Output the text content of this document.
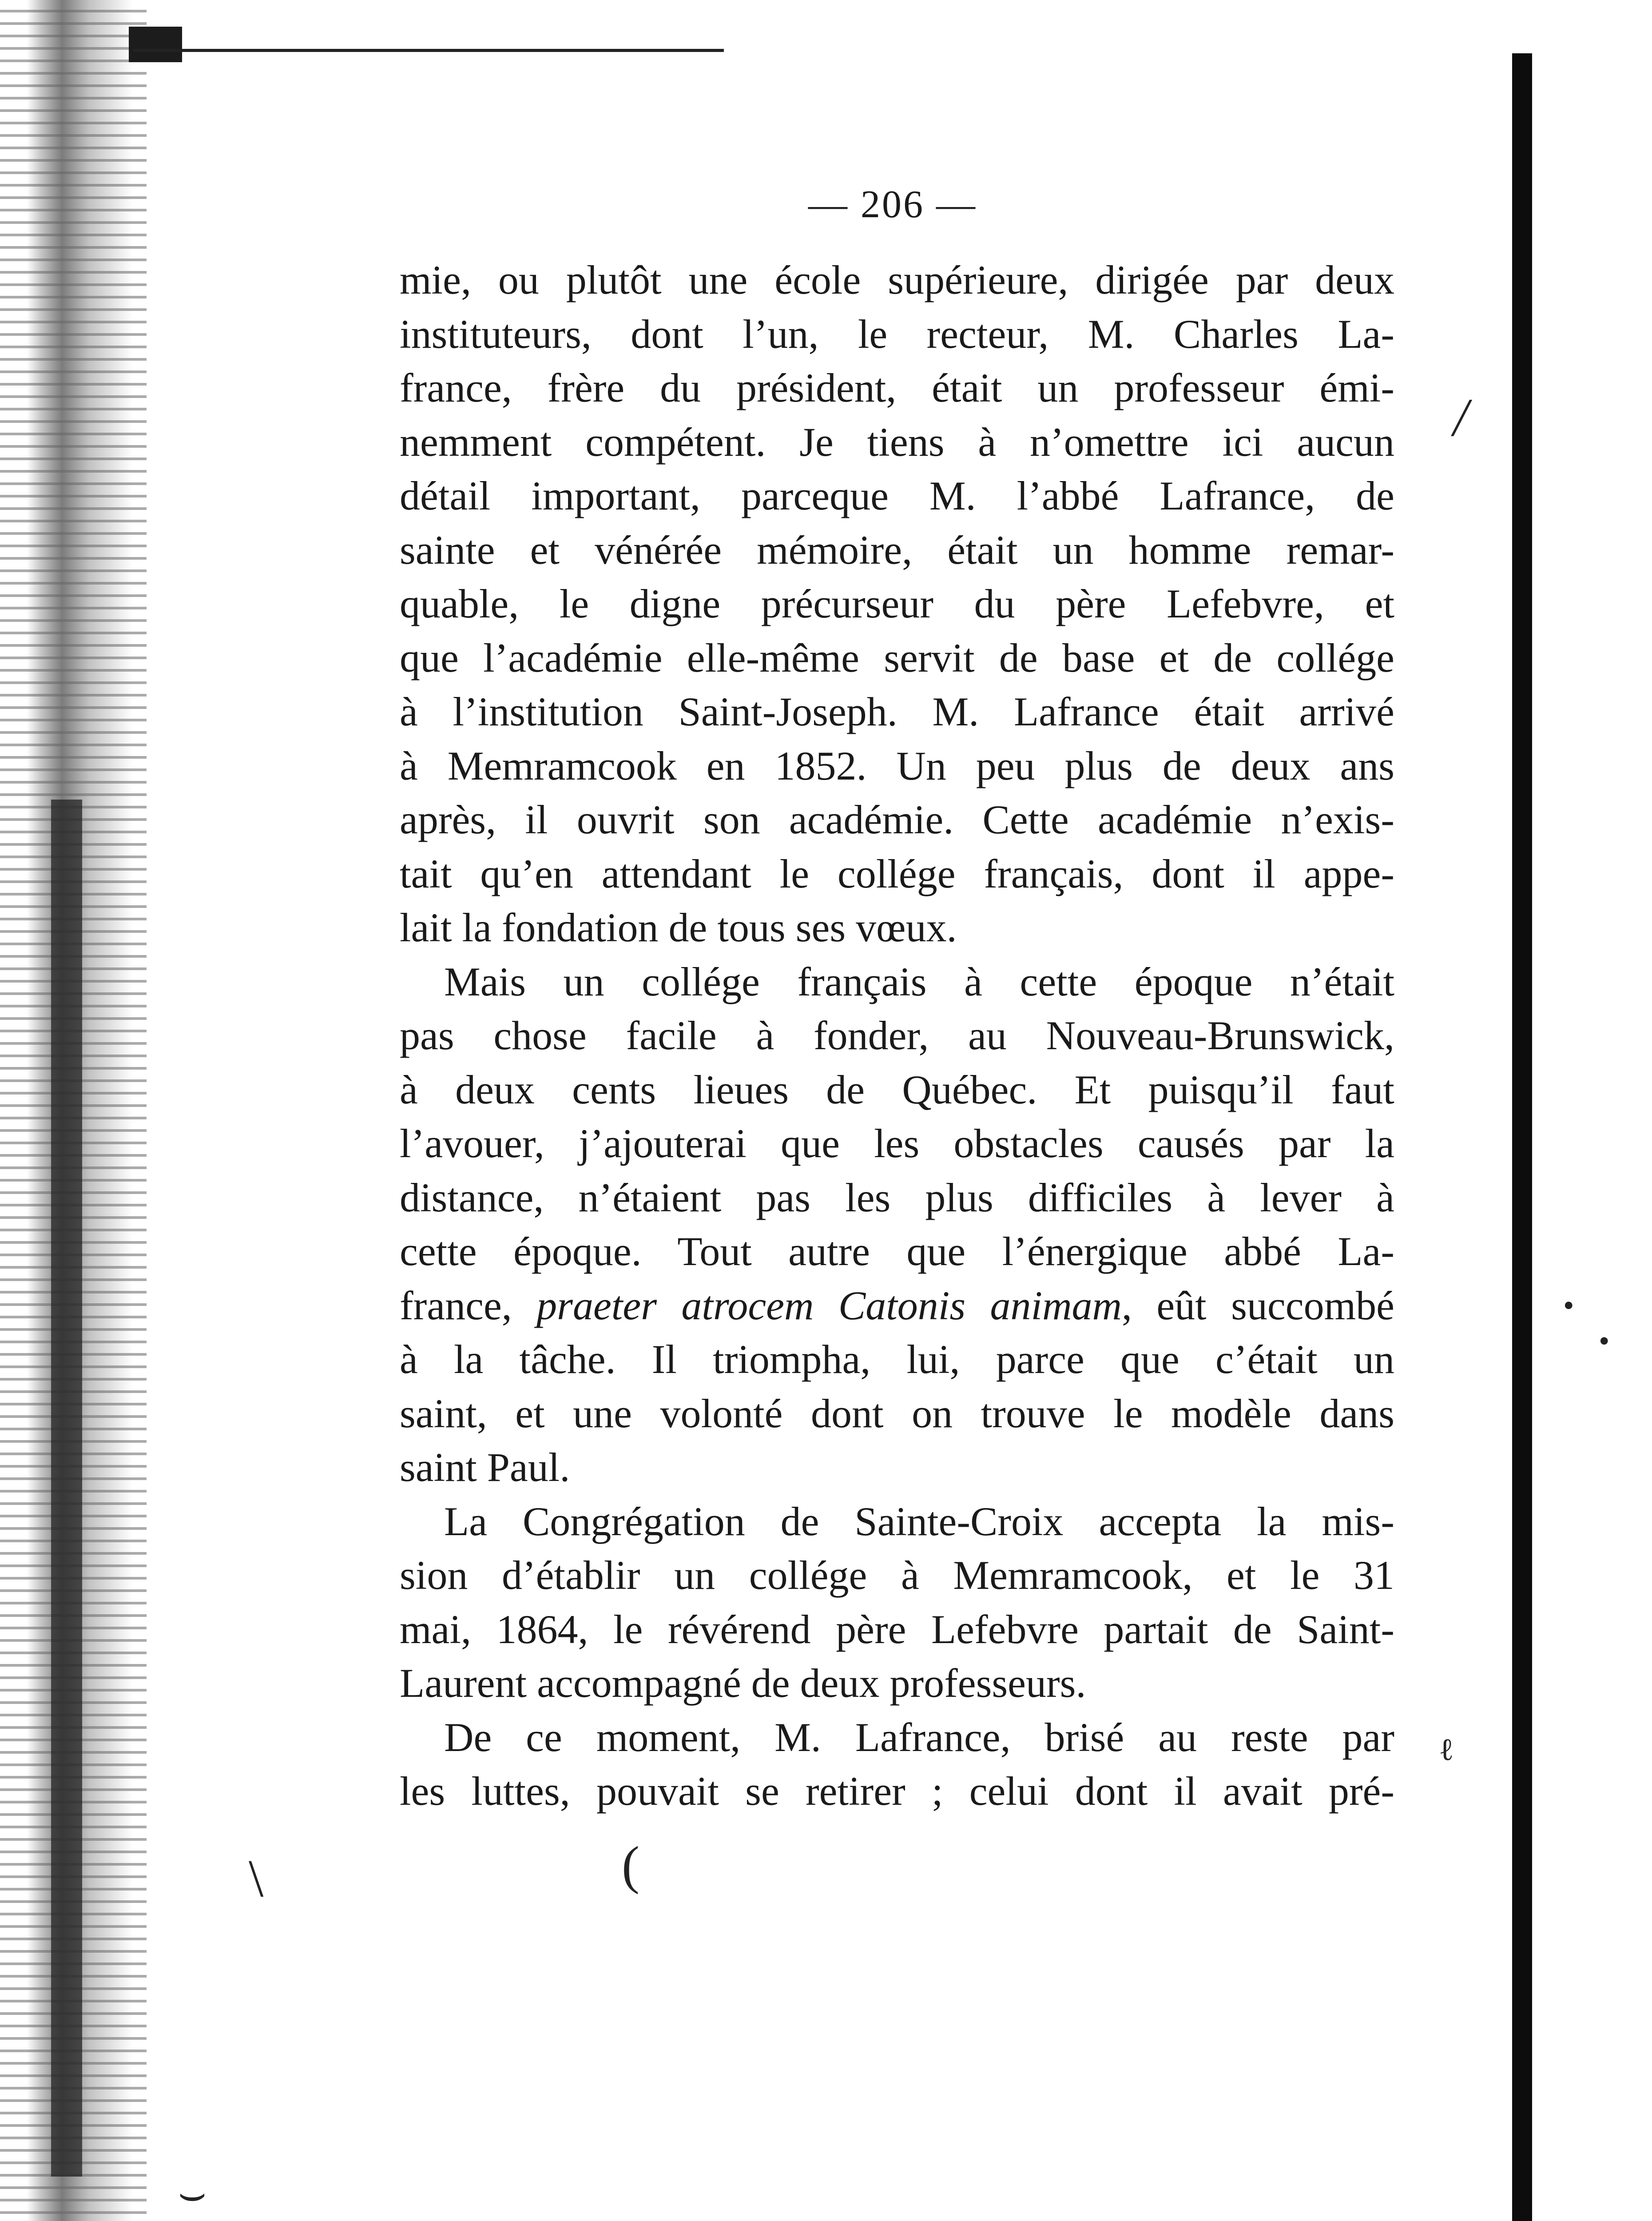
— 206 —
mie, ou plutôt une école supérieure, dirigée par deux
instituteurs, dont l’un, le recteur, M. Charles La-
france, frère du président, était un professeur émi-
nemment compétent. Je tiens à n’omettre ici aucun
détail important, parceque M. l’abbé Lafrance, de
sainte et vénérée mémoire, était un homme remar-
quable, le digne précurseur du père Lefebvre, et
que l’académie elle-même servit de base et de collége
à l’institution Saint-Joseph. M. Lafrance était arrivé
à Memramcook en 1852. Un peu plus de deux ans
après, il ouvrit son académie. Cette académie n’exis-
tait qu’en attendant le collége français, dont il appe-
lait la fondation de tous ses vœux.
Mais un collége français à cette époque n’était
pas chose facile à fonder, au Nouveau-Brunswick,
à deux cents lieues de Québec. Et puisqu’il faut
l’avouer, j’ajouterai que les obstacles causés par la
distance, n’étaient pas les plus difficiles à lever à
cette époque. Tout autre que l’énergique abbé La-
france, praeter atrocem Catonis animam, eût succombé
à la tâche. Il triompha, lui, parce que c’était un
saint, et une volonté dont on trouve le modèle dans
saint Paul.
La Congrégation de Sainte-Croix accepta la mis-
sion d’établir un collége à Memramcook, et le 31
mai, 1864, le révérend père Lefebvre partait de Saint-
Laurent accompagné de deux professeurs.
De ce moment, M. Lafrance, brisé au reste par
les luttes, pouvait se retirer ; celui dont il avait pré-
╱
•
•
ℓ
(
\
⌣
